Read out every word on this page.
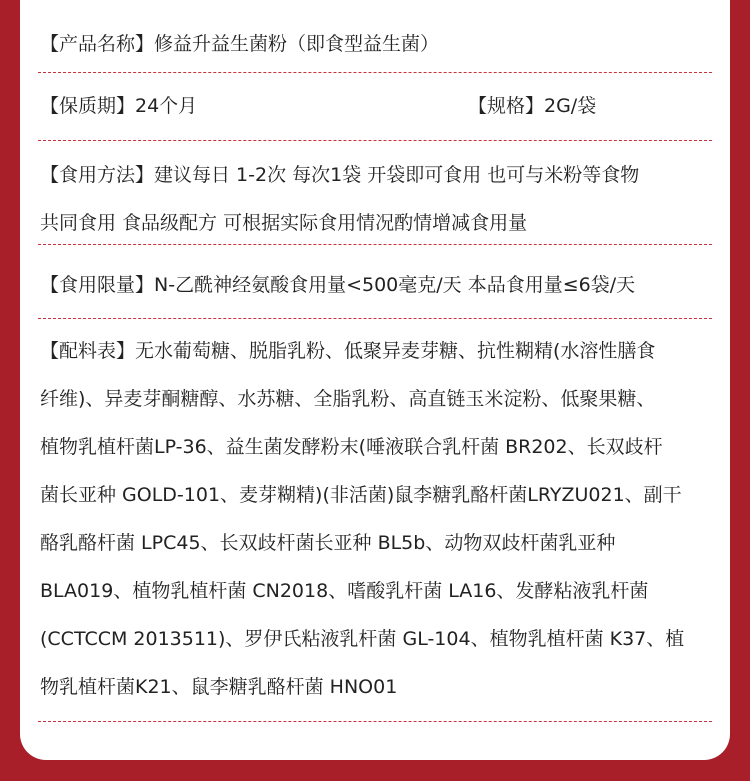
【产品名称】修益升益生菌粉（即食型益生菌）
【保质期】24个月	【规格】2G/袋
【食用方法】建议每日 1-2次 每次1袋 开袋即可食用 也可与米粉等食物
共同食用 食品级配方 可根据实际食用情况酌情增减食用量
【食用限量】N-乙酰神经氨酸食用量<500毫克/天 本品食用量≤6袋/天
【配料表】无水葡萄糖、脱脂乳粉、低聚异麦芽糖、抗性糊精(水溶性膳食
纤维)、异麦芽酮糖醇、水苏糖、全脂乳粉、高直链玉米淀粉、低聚果糖、
植物乳植杆菌LP-36、益生菌发酵粉末(唾液联合乳杆菌 BR202、长双歧杆
菌长亚种 GOLD-101、麦芽糊精)(非活菌)鼠李糖乳酪杆菌LRYZU021、副干
酪乳酪杆菌 LPC45、长双歧杆菌长亚种 BL5b、动物双歧杆菌乳亚种
BLA019、植物乳植杆菌 CN2018、嗜酸乳杆菌 LA16、发酵粘液乳杆菌
(CCTCCM 2013511)、罗伊氏粘液乳杆菌 GL-104、植物乳植杆菌 K37、植
物乳植杆菌K21、鼠李糖乳酪杆菌 HNO01
